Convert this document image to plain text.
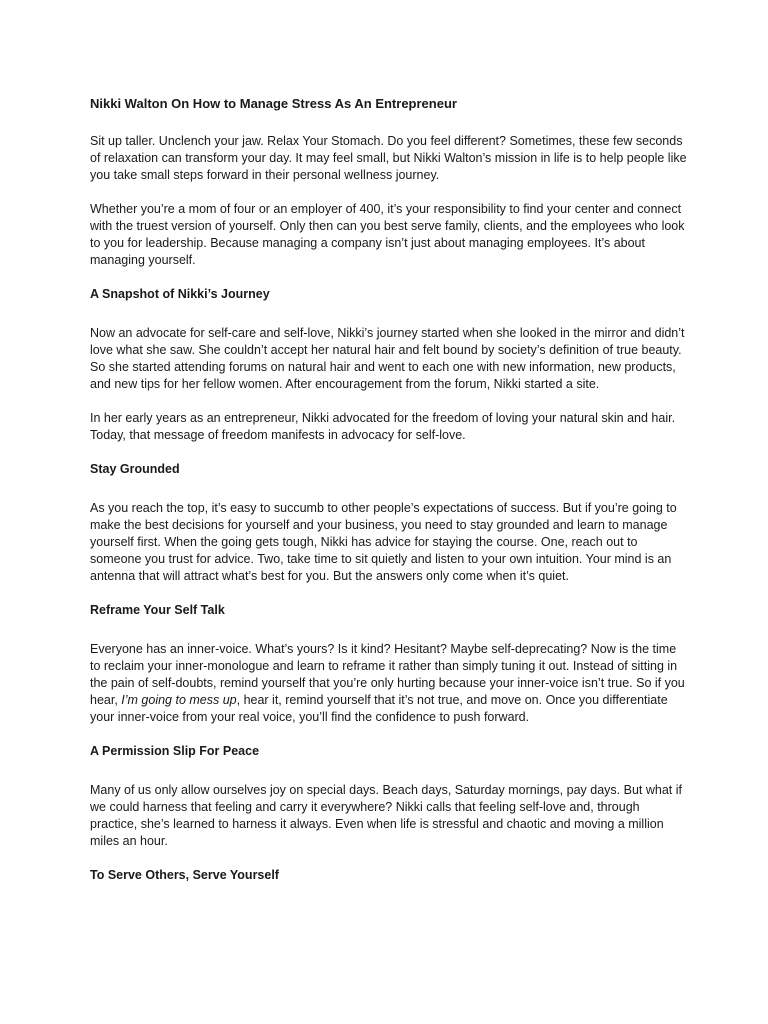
Nikki Walton On How to Manage Stress As An Entrepreneur

Sit up taller. Unclench your jaw. Relax Your Stomach. Do you feel different? Sometimes, these few seconds of relaxation can transform your day. It may feel small, but Nikki Walton’s mission in life is to help people like you take small steps forward in their personal wellness journey.

Whether you’re a mom of four or an employer of 400, it’s your responsibility to find your center and connect with the truest version of yourself. Only then can you best serve family, clients, and the employees who look to you for leadership. Because managing a company isn’t just about managing employees. It’s about managing yourself.

A Snapshot of Nikki’s Journey

Now an advocate for self-care and self-love, Nikki’s journey started when she looked in the mirror and didn’t love what she saw. She couldn’t accept her natural hair and felt bound by society’s definition of true beauty. So she started attending forums on natural hair and went to each one with new information, new products, and new tips for her fellow women. After encouragement from the forum, Nikki started a site.

In her early years as an entrepreneur, Nikki advocated for the freedom of loving your natural skin and hair. Today, that message of freedom manifests in advocacy for self-love.

Stay Grounded

As you reach the top, it’s easy to succumb to other people’s expectations of success. But if you’re going to make the best decisions for yourself and your business, you need to stay grounded and learn to manage yourself first. When the going gets tough, Nikki has advice for staying the course. One, reach out to someone you trust for advice. Two, take time to sit quietly and listen to your own intuition. Your mind is an antenna that will attract what’s best for you. But the answers only come when it’s quiet.

Reframe Your Self Talk

Everyone has an inner-voice. What’s yours? Is it kind? Hesitant? Maybe self-deprecating? Now is the time to reclaim your inner-monologue and learn to reframe it rather than simply tuning it out. Instead of sitting in the pain of self-doubts, remind yourself that you’re only hurting because your inner-voice isn’t true. So if you hear, I’m going to mess up, hear it, remind yourself that it’s not true, and move on. Once you differentiate your inner-voice from your real voice, you’ll find the confidence to push forward.

A Permission Slip For Peace

Many of us only allow ourselves joy on special days. Beach days, Saturday mornings, pay days. But what if we could harness that feeling and carry it everywhere? Nikki calls that feeling self-love and, through practice, she’s learned to harness it always. Even when life is stressful and chaotic and moving a million miles an hour.

To Serve Others, Serve Yourself
